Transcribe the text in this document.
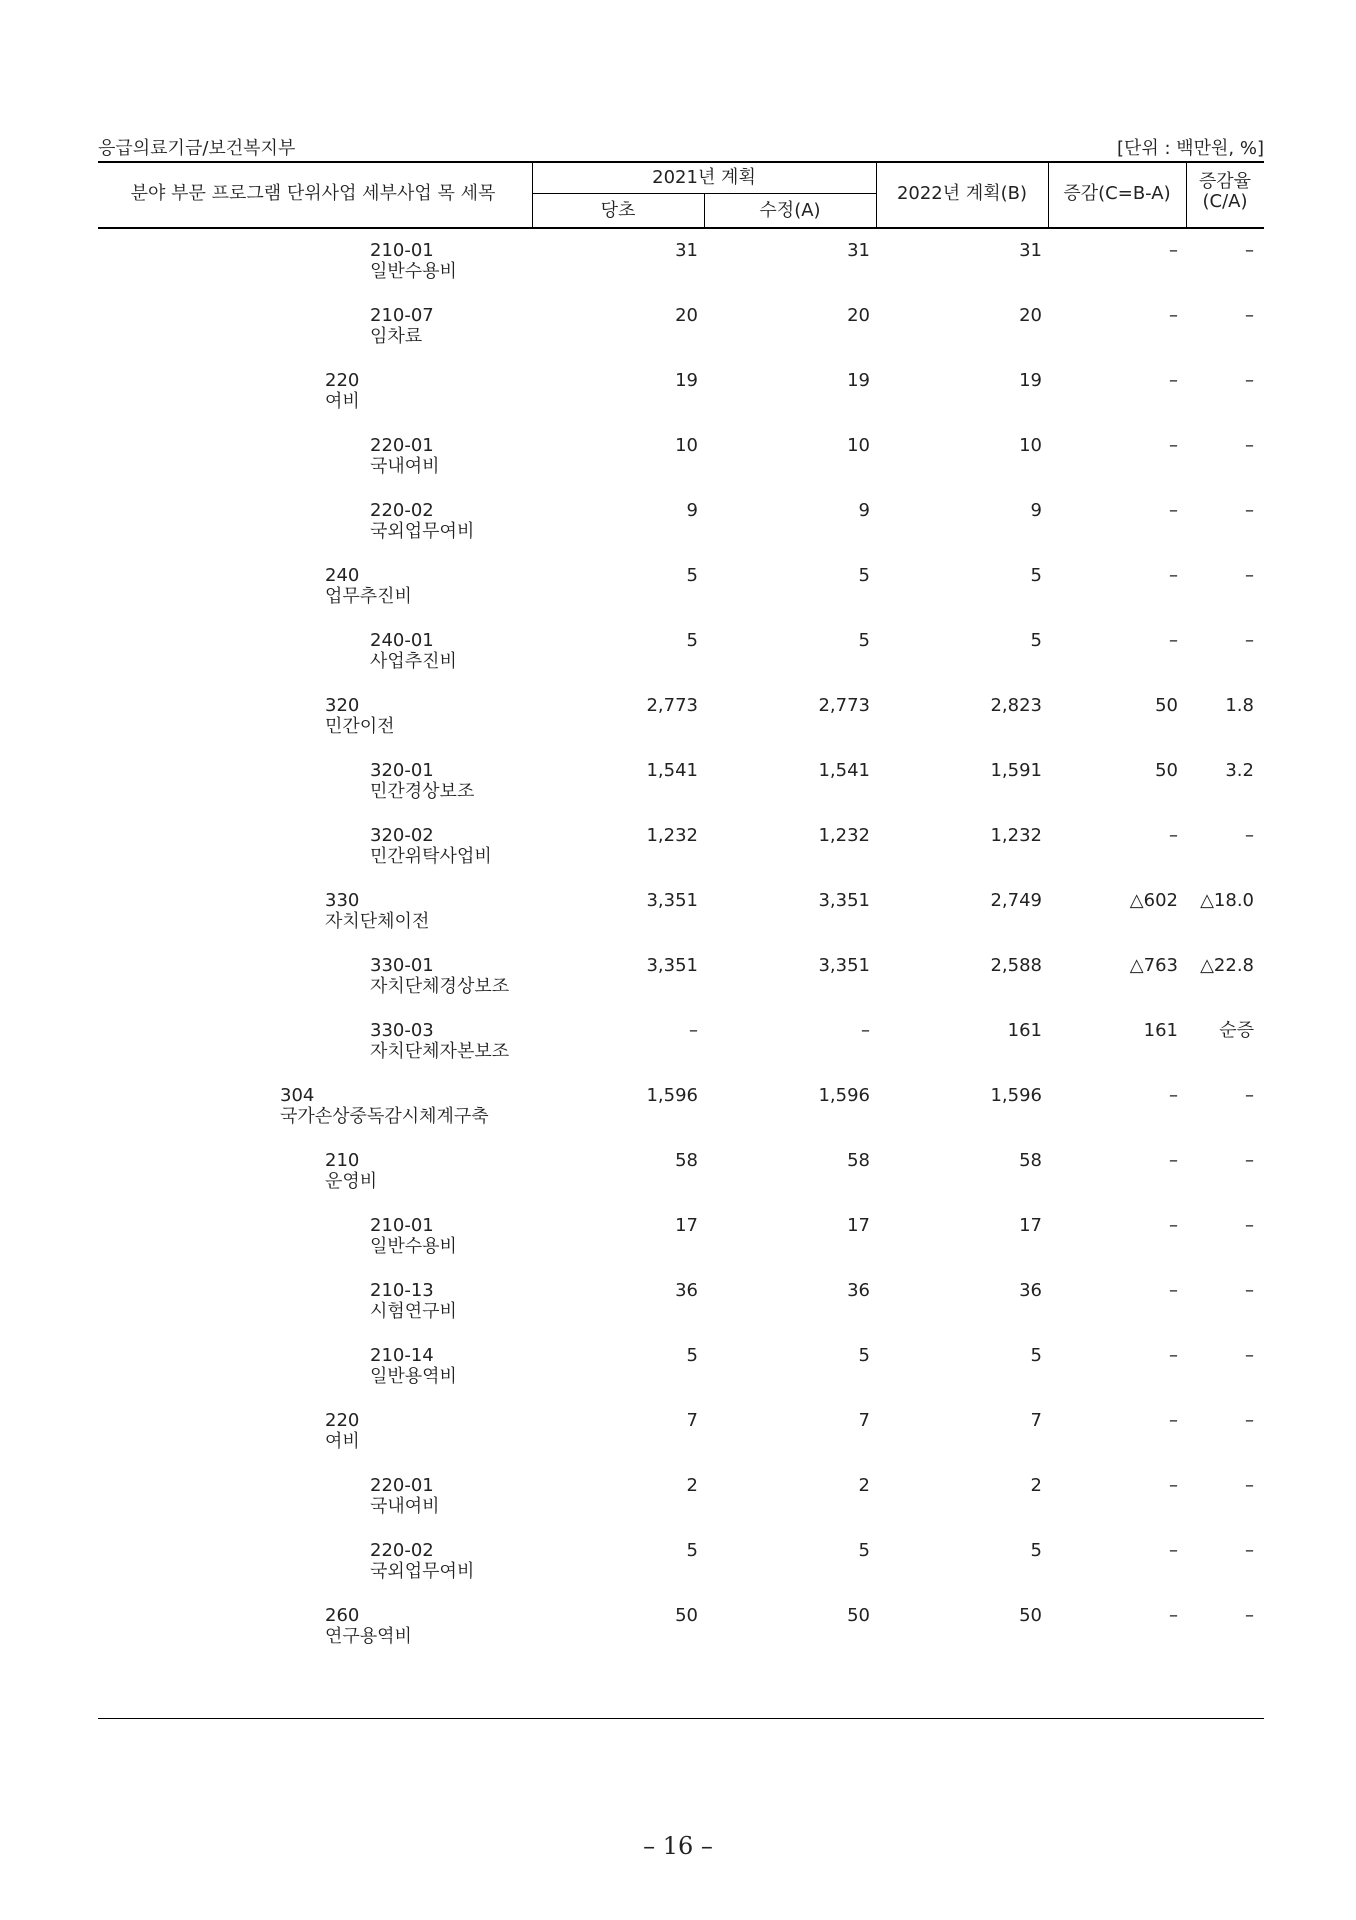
응급의료기금/보건복지부	[단위 : 백만원, %]
분야 부문 프로그램 단위사업 세부사업 목 세목
2021년 계획
당초	수정(A)
2022년 계획(B)	증감(C=B-A)
증감율
(C/A)
210-01
일반수용비
31	31	31	–	–
210-07
임차료
20	20	20	–	–
220
여비
19	19	19	–	–
220-01
국내여비
10	10	10	–	–
220-02
국외업무여비
9	9	9	–	–
240
업무추진비
5	5	5	–	–
240-01
사업추진비
5	5	5	–	–
320
민간이전
2,773	2,773	2,823	50	1.8
320-01
민간경상보조
1,541	1,541	1,591	50	3.2
320-02
민간위탁사업비
1,232	1,232	1,232	–	–
330
자치단체이전
3,351	3,351	2,749	△602	△18.0
330-01
자치단체경상보조
3,351	3,351	2,588	△763	△22.8
330-03
자치단체자본보조
–	–	161	161	순증
304
국가손상중독감시체계구축
1,596	1,596	1,596	–	–
210
운영비
58	58	58	–	–
210-01
일반수용비
17	17	17	–	–
210-13
시험연구비
36	36	36	–	–
210-14
일반용역비
5	5	5	–	–
220
여비
7	7	7	–	–
220-01
국내여비
2	2	2	–	–
220-02
국외업무여비
5	5	5	–	–
260
연구용역비
50	50	50	–	–
– 16 –
